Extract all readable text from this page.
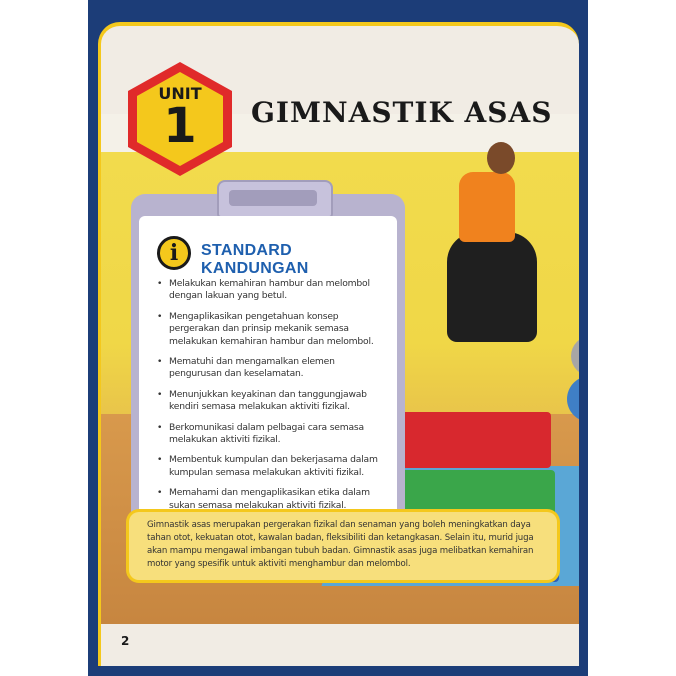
GIMNASTIK ASAS
UNIT
1
i	STANDARD KANDUNGAN
• Melakukan kemahiran hambur dan melombol dengan lakuan yang betul.
• Mengaplikasikan pengetahuan konsep pergerakan dan prinsip mekanik semasa melakukan kemahiran hambur dan melombol.
• Mematuhi dan mengamalkan elemen pengurusan dan keselamatan.
• Menunjukkan keyakinan dan tanggungjawab kendiri semasa melakukan aktiviti fizikal.
• Berkomunikasi dalam pelbagai cara semasa melakukan aktiviti fizikal.
• Membentuk kumpulan dan bekerjasama dalam kumpulan semasa melakukan aktiviti fizikal.
• Memahami dan mengaplikasikan etika dalam sukan semasa melakukan aktiviti fizikal.

Gimnastik asas merupakan pergerakan fizikal dan senaman yang boleh meningkatkan daya tahan otot, kekuatan otot, kawalan badan, fleksibiliti dan ketangkasan. Selain itu, murid juga akan mampu mengawal imbangan tubuh badan. Gimnastik asas juga melibatkan kemahiran motor yang spesifik untuk aktiviti menghambur dan melombol.

2
